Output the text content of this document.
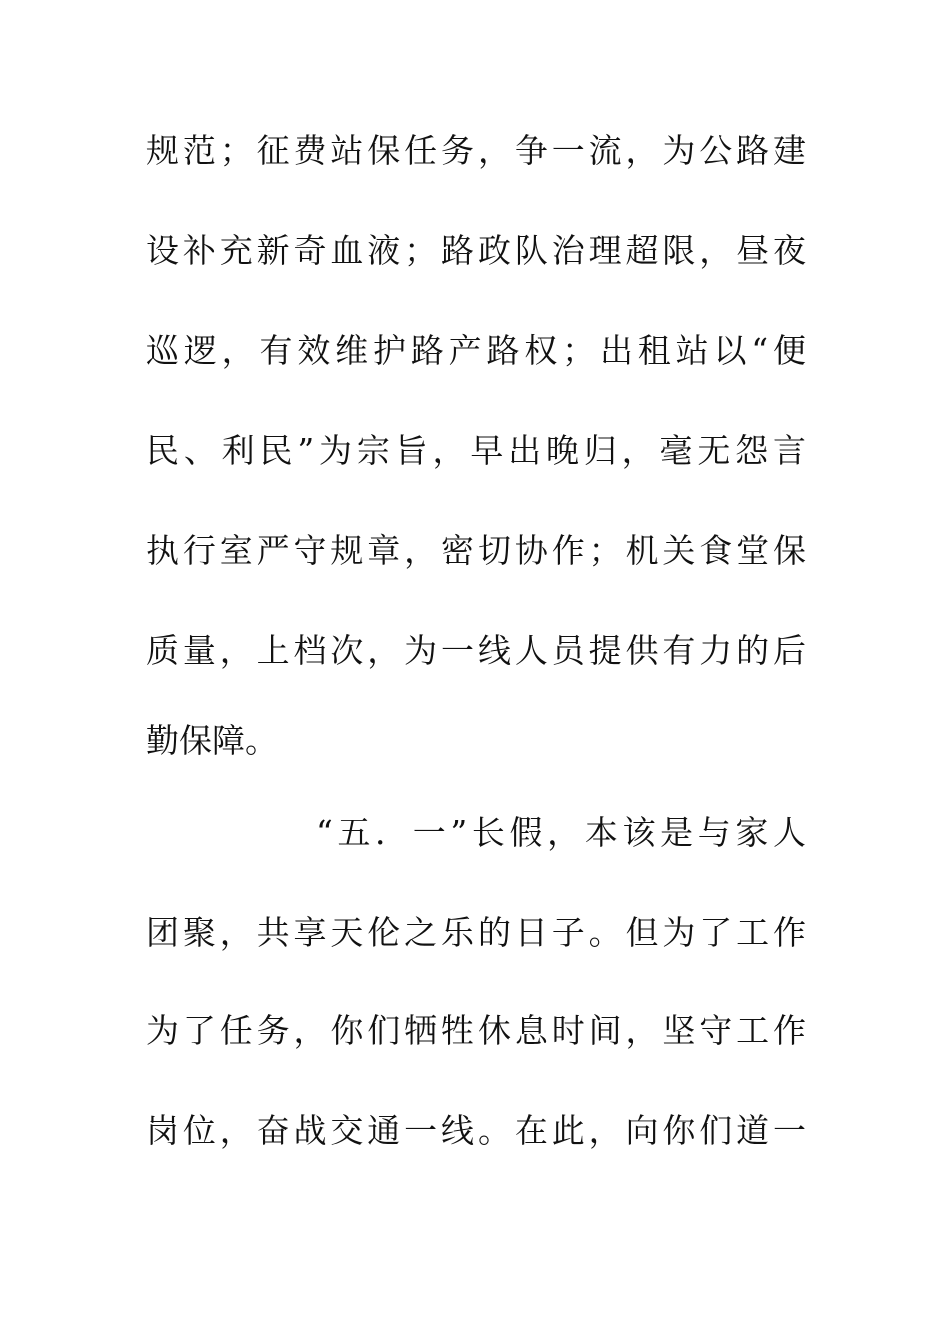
规范；征费站保任务，争一流，为公路建
设补充新奇血液；路政队治理超限，昼夜
巡逻，有效维护路产路权；出租站以“便
民、利民”为宗旨，早出晚归，毫无怨言
执行室严守规章，密切协作；机关食堂保
质量，上档次，为一线人员提供有力的后
勤保障。
“五．一”长假，本该是与家人
团聚，共享天伦之乐的日子。但为了工作
为了任务，你们牺牲休息时间，坚守工作
岗位，奋战交通一线。在此，向你们道一
